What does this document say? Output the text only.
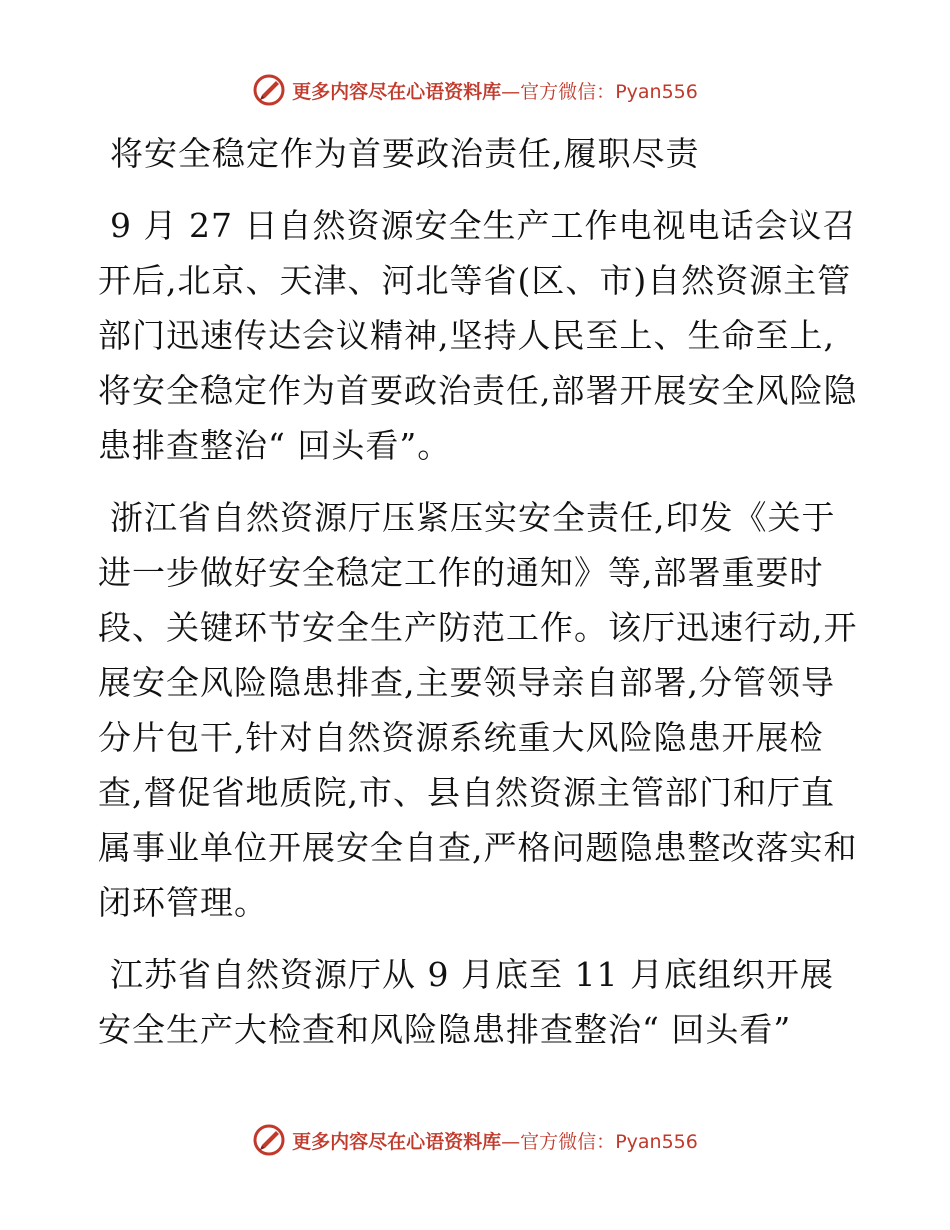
更多内容尽在心语资料库—官方微信：Pyan556

将安全稳定作为首要政治责任,履职尽责

9 月 27 日自然资源安全生产工作电视电话会议召开后,北京、天津、河北等省(区、市)自然资源主管部门迅速传达会议精神,坚持人民至上、生命至上,将安全稳定作为首要政治责任,部署开展安全风险隐患排查整治“ 回头看”。

浙江省自然资源厅压紧压实安全责任,印发《关于进一步做好安全稳定工作的通知》等,部署重要时段、关键环节安全生产防范工作。该厅迅速行动,开展安全风险隐患排查,主要领导亲自部署,分管领导分片包干,针对自然资源系统重大风险隐患开展检查,督促省地质院,市、县自然资源主管部门和厅直属事业单位开展安全自查,严格问题隐患整改落实和闭环管理。

江苏省自然资源厅从 9 月底至 11 月底组织开展安全生产大检查和风险隐患排查整治“ 回头看”

更多内容尽在心语资料库—官方微信：Pyan556
